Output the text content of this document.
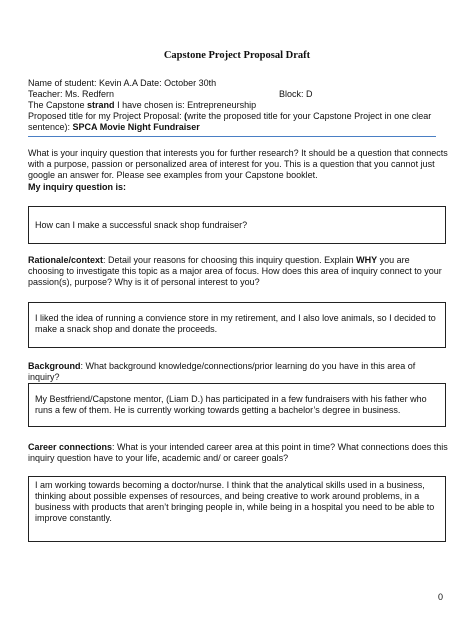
Capstone Project Proposal Draft
Name of student: Kevin A.A Date: October 30th
Teacher: Ms. Redfern	Block: D
The Capstone strand I have chosen is: Entrepreneurship
Proposed title for my Project Proposal: (write the proposed title for your Capstone Project in one clear
sentence): SPCA Movie Night Fundraiser
What is your inquiry question that interests you for further research? It should be a question that connects with a purpose, passion or personalized area of interest for you. This is a question that you cannot just google an answer for. Please see examples from your Capstone booklet.
My inquiry question is:
How can I make a successful snack shop fundraiser?
Rationale/context: Detail your reasons for choosing this inquiry question. Explain WHY you are choosing to investigate this topic as a major area of focus. How does this area of inquiry connect to your passion(s), purpose? Why is it of personal interest to you?
I liked the idea of running a convience store in my retirement, and I also love animals, so I decided to make a snack shop and donate the proceeds.
Background: What background knowledge/connections/prior learning do you have in this area of inquiry?
My Bestfriend/Capstone mentor, (Liam D.) has participated in a few fundraisers with his father who runs a few of them. He is currently working towards getting a bachelor’s degree in business.
Career connections: What is your intended career area at this point in time? What connections does this inquiry question have to your life, academic and/ or career goals?
I am working towards becoming a doctor/nurse. I think that the analytical skills used in a business, thinking about possible expenses of resources, and being creative to work around problems, in a business with products that aren’t bringing people in, while being in a hospital you need to be able to improve constantly.
0
